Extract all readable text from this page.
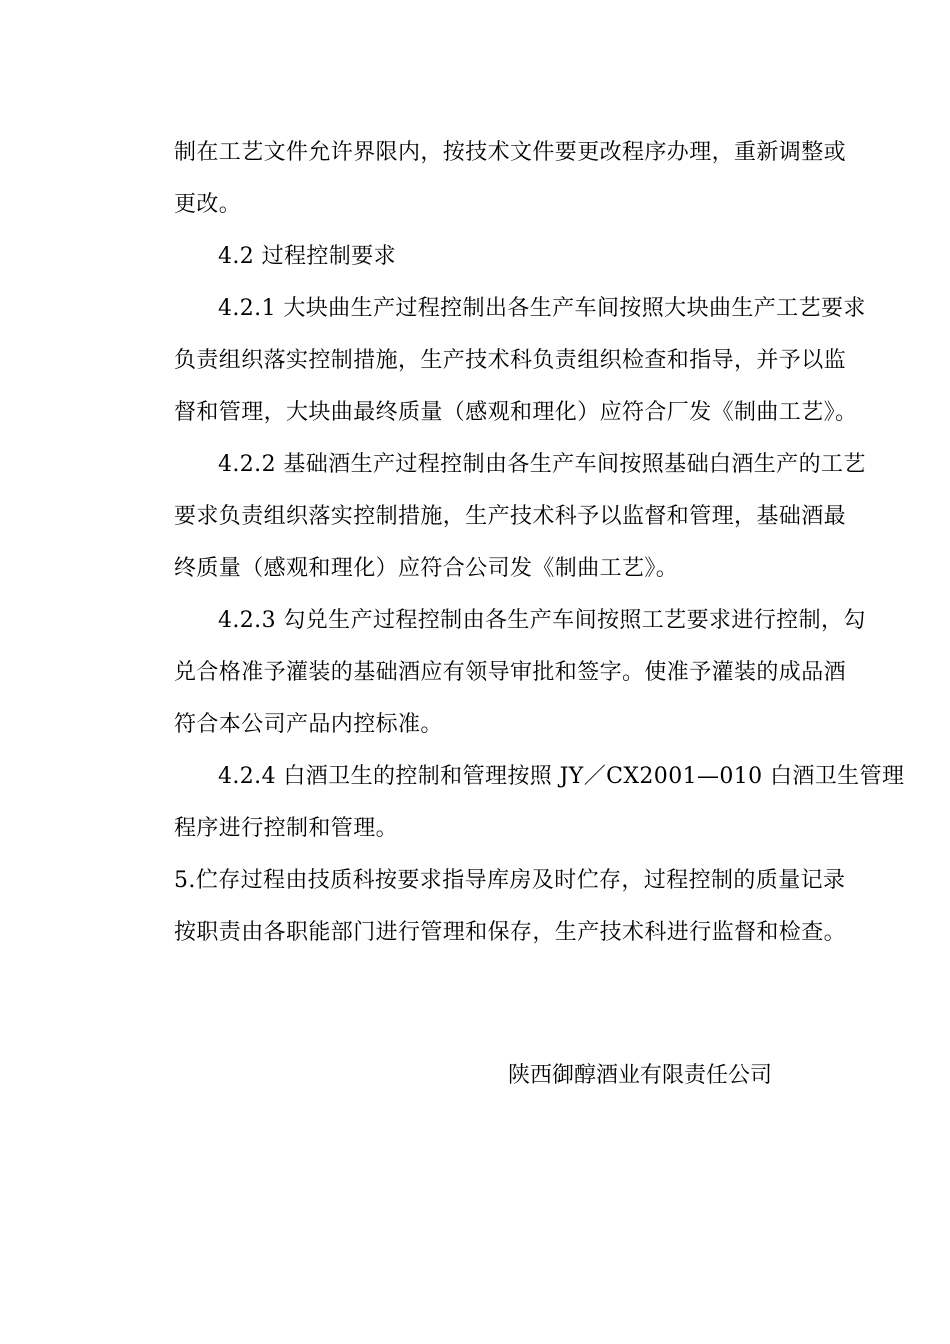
制在工艺文件允许界限内，按技术文件要更改程序办理，重新调整或
更改。
4.2 过程控制要求
4.2.1 大块曲生产过程控制出各生产车间按照大块曲生产工艺要求
负责组织落实控制措施，生产技术科负责组织检查和指导，并予以监
督和管理，大块曲最终质量（感观和理化）应符合厂发《制曲工艺》。
4.2.2 基础酒生产过程控制由各生产车间按照基础白酒生产的工艺
要求负责组织落实控制措施，生产技术科予以监督和管理，基础酒最
终质量（感观和理化）应符合公司发《制曲工艺》。
4.2.3 勾兑生产过程控制由各生产车间按照工艺要求进行控制，勾
兑合格准予灌装的基础酒应有领导审批和签字。使准予灌装的成品酒
符合本公司产品内控标准。
4.2.4 白酒卫生的控制和管理按照 JY／CX2001—010 白酒卫生管理
程序进行控制和管理。
5.伫存过程由技质科按要求指导库房及时伫存，过程控制的质量记录
按职责由各职能部门进行管理和保存，生产技术科进行监督和检查。
陕西御醇酒业有限责任公司
